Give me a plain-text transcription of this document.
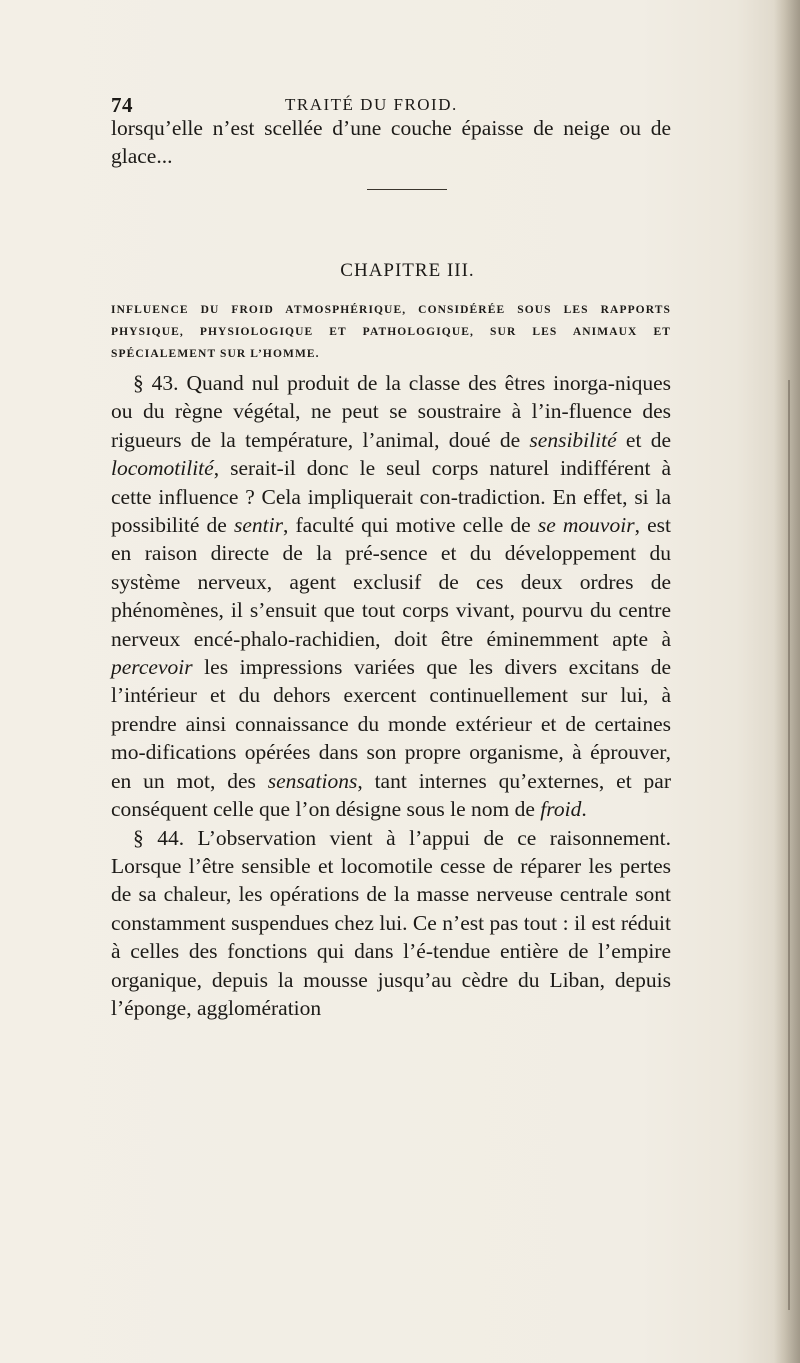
74	TRAITÉ DU FROID.

lorsqu’elle n’est scellée d’une couche épaisse de neige ou de glace...

CHAPITRE III.

INFLUENCE DU FROID ATMOSPHÉRIQUE, CONSIDÉRÉE SOUS LES RAPPORTS PHYSIQUE, PHYSIOLOGIQUE ET PATHOLOGIQUE, SUR LES ANIMAUX ET SPÉCIALEMENT SUR L’HOMME.

§ 43. Quand nul produit de la classe des êtres inorga-niques ou du règne végétal, ne peut se soustraire à l’in-fluence des rigueurs de la température, l’animal, doué de sensibilité et de locomotilité, serait-il donc le seul corps naturel indifférent à cette influence ? Cela impliquerait con-tradiction. En effet, si la possibilité de sentir, faculté qui motive celle de se mouvoir, est en raison directe de la pré-sence et du développement du système nerveux, agent exclusif de ces deux ordres de phénomènes, il s’ensuit que tout corps vivant, pourvu du centre nerveux encé-phalo-rachidien, doit être éminemment apte à percevoir les impressions variées que les divers excitans de l’intérieur et du dehors exercent continuellement sur lui, à prendre ainsi connaissance du monde extérieur et de certaines mo-difications opérées dans son propre organisme, à éprouver, en un mot, des sensations, tant internes qu’externes, et par conséquent celle que l’on désigne sous le nom de froid.

§ 44. L’observation vient à l’appui de ce raisonnement. Lorsque l’être sensible et locomotile cesse de réparer les pertes de sa chaleur, les opérations de la masse nerveuse centrale sont constamment suspendues chez lui. Ce n’est pas tout : il est réduit à celles des fonctions qui dans l’é-tendue entière de l’empire organique, depuis la mousse jusqu’au cèdre du Liban, depuis l’éponge, agglomération
